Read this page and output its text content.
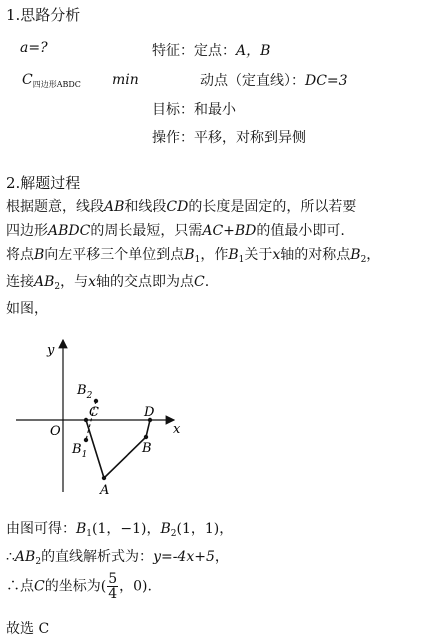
1.思路分析
a=?
$C_{四边形ABDC}$ min
特征：定点：A，B
动点（定直线）：DC=3
目标：和最小
操作：平移，对称到异侧
2.解题过程
根据题意，线段AB和线段CD的长度是固定的，所以若要
四边形ABDC的周长最短，只需AC+BD的值最小即可.
将点B向左平移三个单位到点$B_1$，作$B_1$关于x轴的对称点$B_2$，
连接$AB_2$，与x轴的交点即为点C.
如图，
y
x
O
$B_2$
C	D
$B_1$	B
A
由图可得：$B_1(1$，−1)，$B_2(1$，1)，
$\therefore AB_2$的直线解析式为：y=-4x+5，
∴点C的坐标为( $\frac{5}{4}$ ，0).
故选 C
